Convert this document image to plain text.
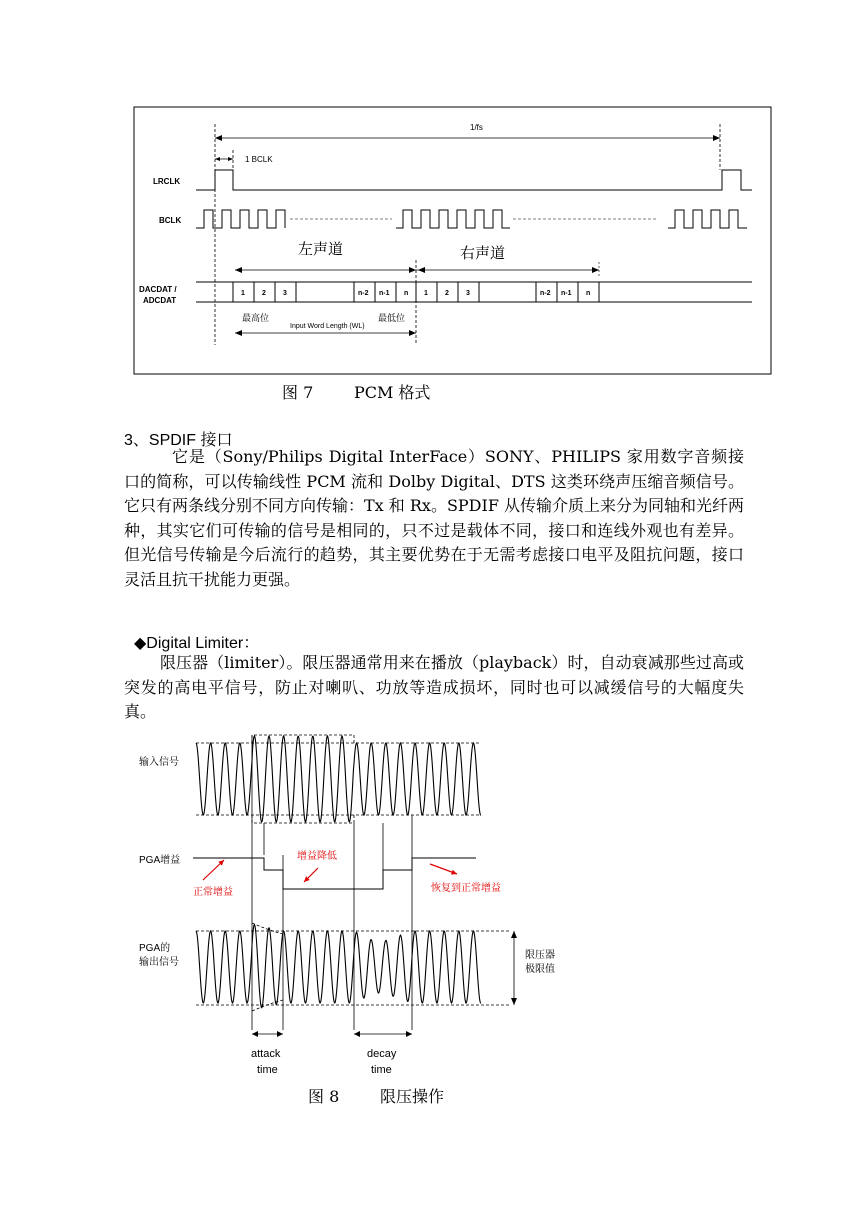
1/fs
1 BCLK
LRCLK
BCLK
DACDAT /
ADCDAT
左声道	右声道
1 2 3	n-2 n-1 n 1 2 3	n-2 n-1 n
最高位	最低位
Input Word Length (WL)
图 7        PCM 格式
3、SPDIF 接口
它是（Sony/Philips Digital InterFace）SONY、PHILIPS 家用数字音频接口的简称，可以传输线性 PCM 流和 Dolby Digital、DTS 这类环绕声压缩音频信号。它只有两条线分别不同方向传输：Tx 和 Rx。SPDIF 从传输介质上来分为同轴和光纤两种，其实它们可传输的信号是相同的，只不过是载体不同，接口和连线外观也有差异。但光信号传输是今后流行的趋势，其主要优势在于无需考虑接口电平及阻抗问题，接口灵活且抗干扰能力更强。
◆Digital Limiter：
限压器（limiter）。限压器通常用来在播放（playback）时，自动衰减那些过高或突发的高电平信号，防止对喇叭、功放等造成损坏，同时也可以减缓信号的大幅度失真。
输入信号
PGA增益
PGA的
输出信号
限压器
极限值
增益降低
正常增益	恢复到正常增益
attack
time
decay
time
图 8        限压操作
